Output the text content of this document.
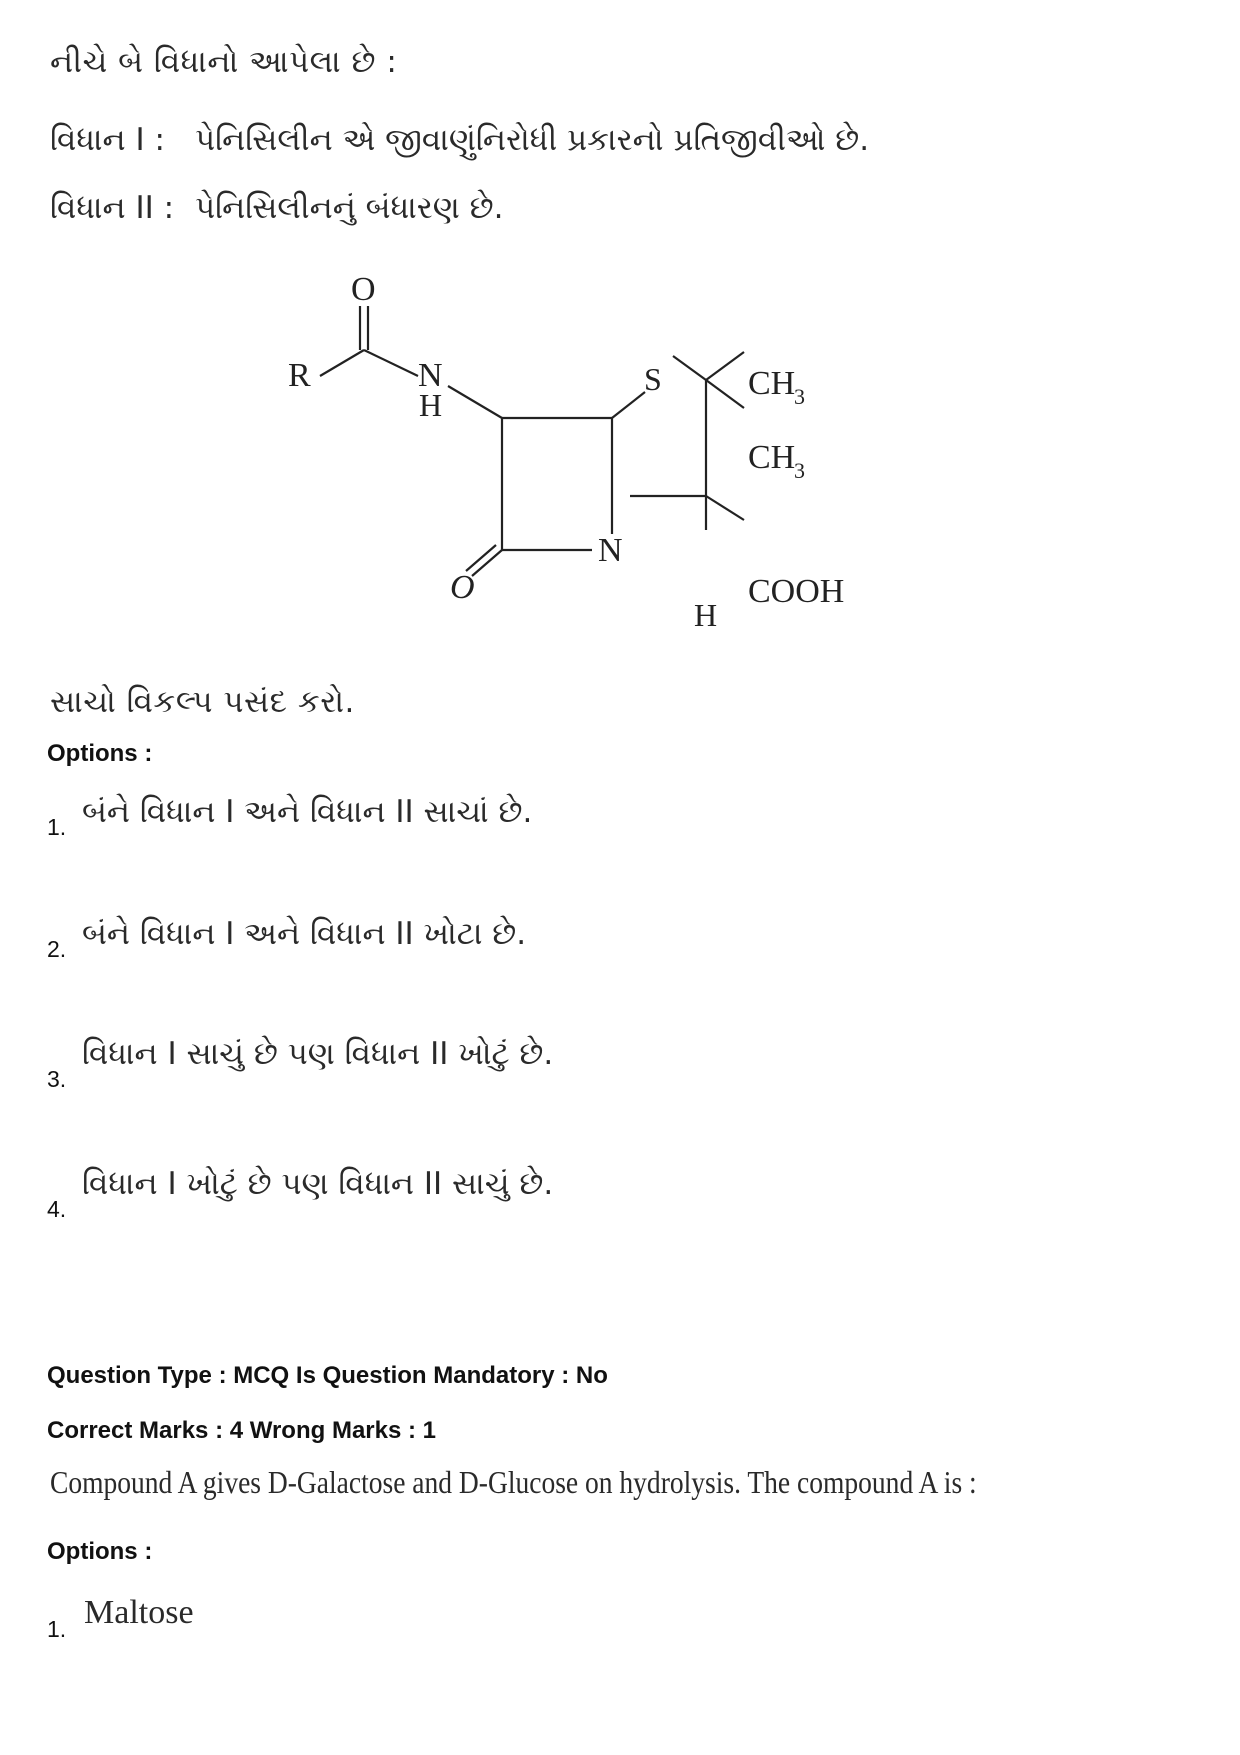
નીચે બે વિધાનો આપેલા છે :
વિધાન I : પેનિસિલીન એ જીવાણુંનિરોધી પ્રકારનો પ્રતિજીવીઓ છે.
વિધાન II : પેનિસિલીનનું બંધારણ છે.
O
R	N
H
S	CH
3
CH
3
N
O
H
COOH
સાચો વિકલ્પ પસંદ કરો.
Options :
1. બંને વિધાન I અને વિધાન II સાચાં છે.
2. બંને વિધાન I અને વિધાન II ખોટા છે.
3.
વિધાન I સાચું છે પણ વિધાન II ખોટું છે.
4.
વિધાન I ખોટું છે પણ વિધાન II સાચું છે.
Question Type : MCQ Is Question Mandatory : No
Correct Marks : 4 Wrong Marks : 1
Compound A gives D-Galactose and D-Glucose on hydrolysis. The compound A is :
Options :
1. Maltose
